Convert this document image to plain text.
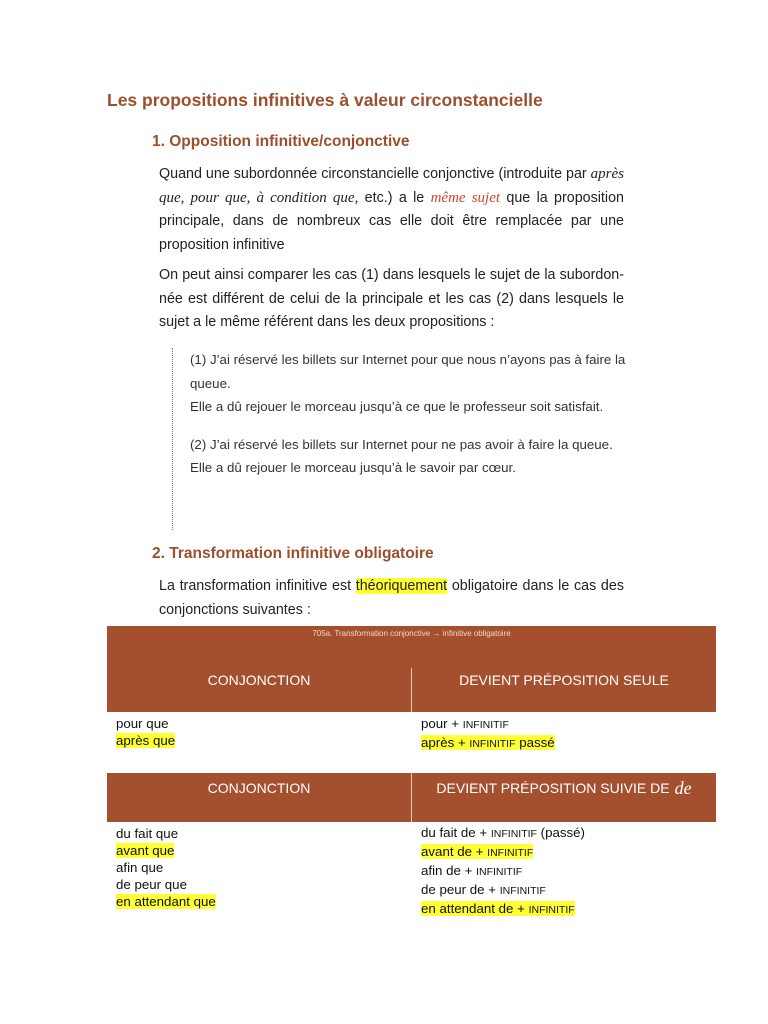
Les propositions infinitives à valeur circonstancielle
1. Opposition infinitive/conjonctive
Quand une subordonnée circonstancielle conjonctive (introduite par après que, pour que, à condition que, etc.) a le même sujet que la proposition principale, dans de nombreux cas elle doit être remplacée par une proposition infinitive
On peut ainsi comparer les cas (1) dans lesquels le sujet de la subordon-née est différent de celui de la principale et les cas (2) dans lesquels le sujet a le même référent dans les deux propositions :

(1) J’ai réservé les billets sur Internet pour que nous n’ayons pas à faire la queue.

Elle a dû rejouer le morceau jusqu’à ce que le professeur soit satisfait.

(2) J’ai réservé les billets sur Internet pour ne pas avoir à faire la queue.

Elle a dû rejouer le morceau jusqu’à le savoir par cœur.

2. Transformation infinitive obligatoire
La transformation infinitive est théoriquement obligatoire dans le cas des conjonctions suivantes :
705a. Transformation conjonctive → infinitive obligatoire
CONJONCTION	DEVIENT PRÉPOSITION SEULE
pour que
après que
pour + INFINITIF
après + INFINITIF passé
CONJONCTION	DEVIENT PRÉPOSITION SUIVIE DE de
du fait que
avant que
afin que
de peur que
en attendant que
du fait de + INFINITIF (passé)
avant de + INFINITIF
afin de + INFINITIF
de peur de + INFINITIF
en attendant de + INFINITIF
